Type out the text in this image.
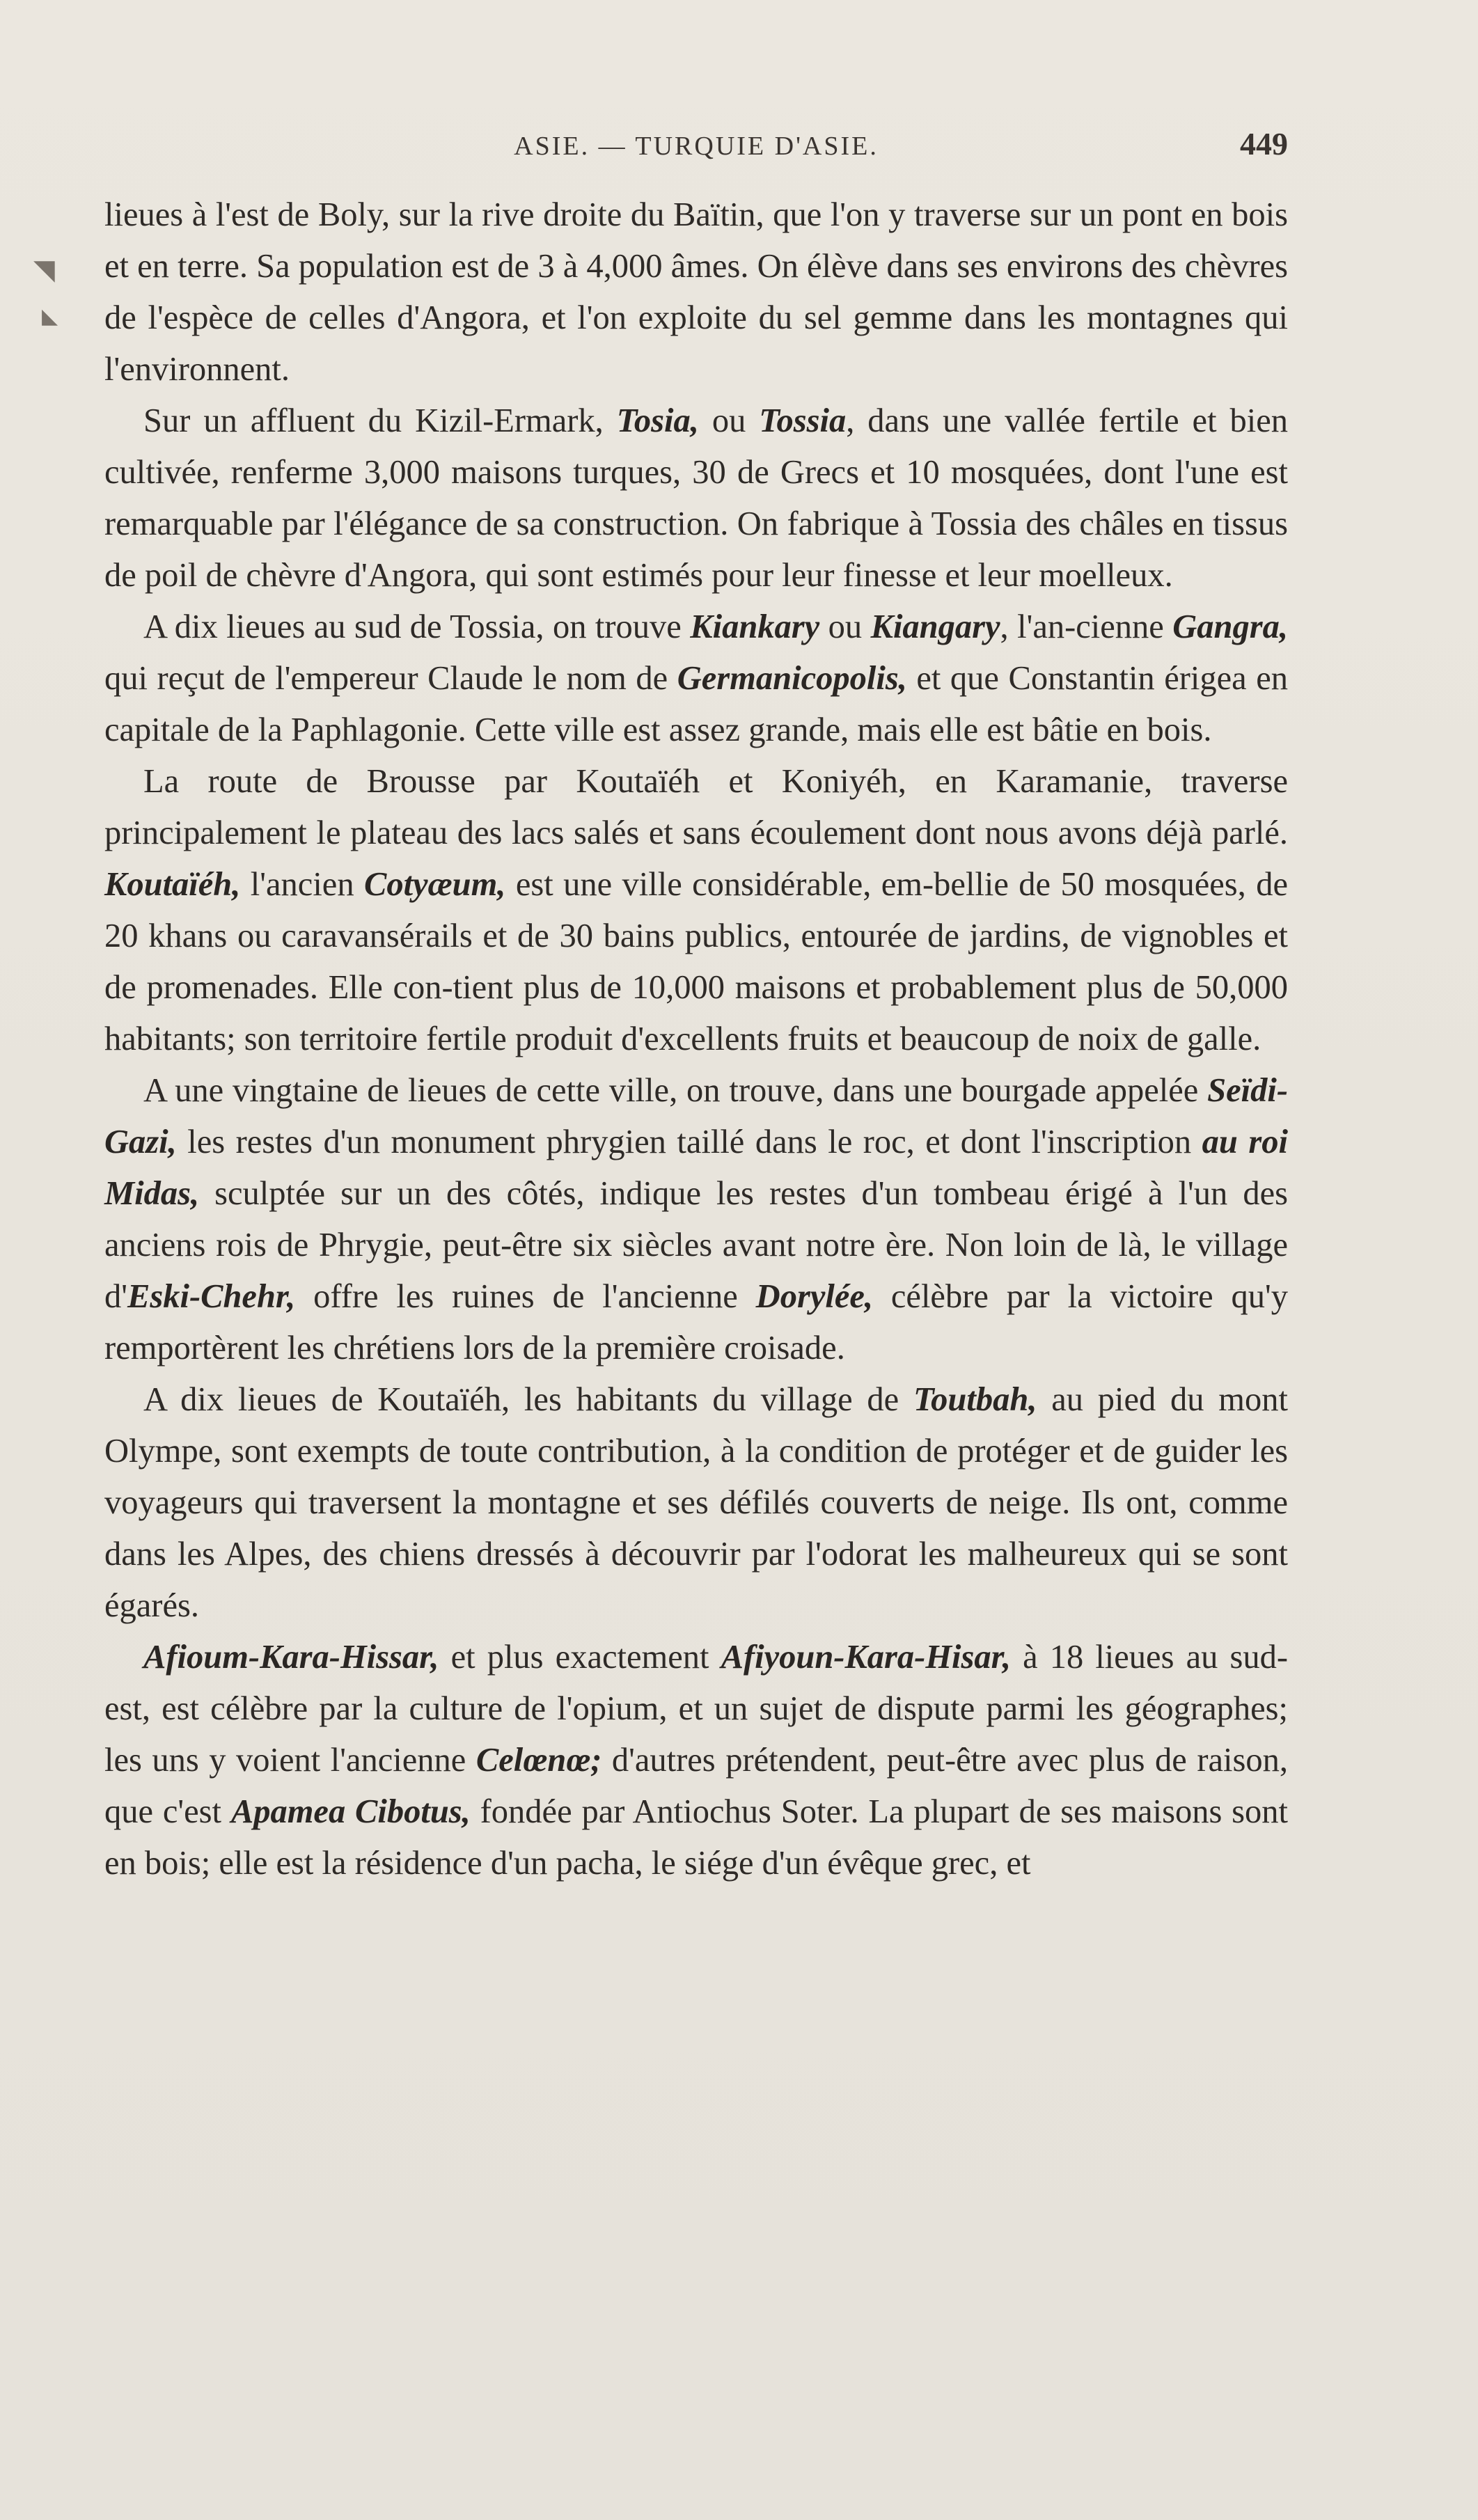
◥
◣
ASIE. — TURQUIE D'ASIE.	449

lieues à l'est de Boly, sur la rive droite du Baïtin, que l'on y traverse sur un pont en bois et en terre. Sa population est de 3 à 4,000 âmes. On élève dans ses environs des chèvres de l'espèce de celles d'Angora, et l'on exploite du sel gemme dans les montagnes qui l'environnent.

Sur un affluent du Kizil-Ermark, Tosia, ou Tossia, dans une vallée fertile et bien cultivée, renferme 3,000 maisons turques, 30 de Grecs et 10 mosquées, dont l'une est remarquable par l'élégance de sa construction. On fabrique à Tossia des châles en tissus de poil de chèvre d'Angora, qui sont estimés pour leur finesse et leur moelleux.

A dix lieues au sud de Tossia, on trouve Kiankary ou Kiangary, l'an-cienne Gangra, qui reçut de l'empereur Claude le nom de Germanicopolis, et que Constantin érigea en capitale de la Paphlagonie. Cette ville est assez grande, mais elle est bâtie en bois.

La route de Brousse par Koutaïéh et Koniyéh, en Karamanie, traverse principalement le plateau des lacs salés et sans écoulement dont nous avons déjà parlé. Koutaïéh, l'ancien Cotyæum, est une ville considérable, em-bellie de 50 mosquées, de 20 khans ou caravansérails et de 30 bains publics, entourée de jardins, de vignobles et de promenades. Elle con-tient plus de 10,000 maisons et probablement plus de 50,000 habitants; son territoire fertile produit d'excellents fruits et beaucoup de noix de galle.

A une vingtaine de lieues de cette ville, on trouve, dans une bourgade appelée Seïdi-Gazi, les restes d'un monument phrygien taillé dans le roc, et dont l'inscription au roi Midas, sculptée sur un des côtés, indique les restes d'un tombeau érigé à l'un des anciens rois de Phrygie, peut-être six siècles avant notre ère. Non loin de là, le village d'Eski-Chehr, offre les ruines de l'ancienne Dorylée, célèbre par la victoire qu'y remportèrent les chrétiens lors de la première croisade.

A dix lieues de Koutaïéh, les habitants du village de Toutbah, au pied du mont Olympe, sont exempts de toute contribution, à la condition de protéger et de guider les voyageurs qui traversent la montagne et ses défilés couverts de neige. Ils ont, comme dans les Alpes, des chiens dressés à découvrir par l'odorat les malheureux qui se sont égarés.

Afioum-Kara-Hissar, et plus exactement Afiyoun-Kara-Hisar, à 18 lieues au sud-est, est célèbre par la culture de l'opium, et un sujet de dispute parmi les géographes; les uns y voient l'ancienne Celœnœ; d'autres prétendent, peut-être avec plus de raison, que c'est Apamea Cibotus, fondée par Antiochus Soter. La plupart de ses maisons sont en bois; elle est la résidence d'un pacha, le siége d'un évêque grec, et
